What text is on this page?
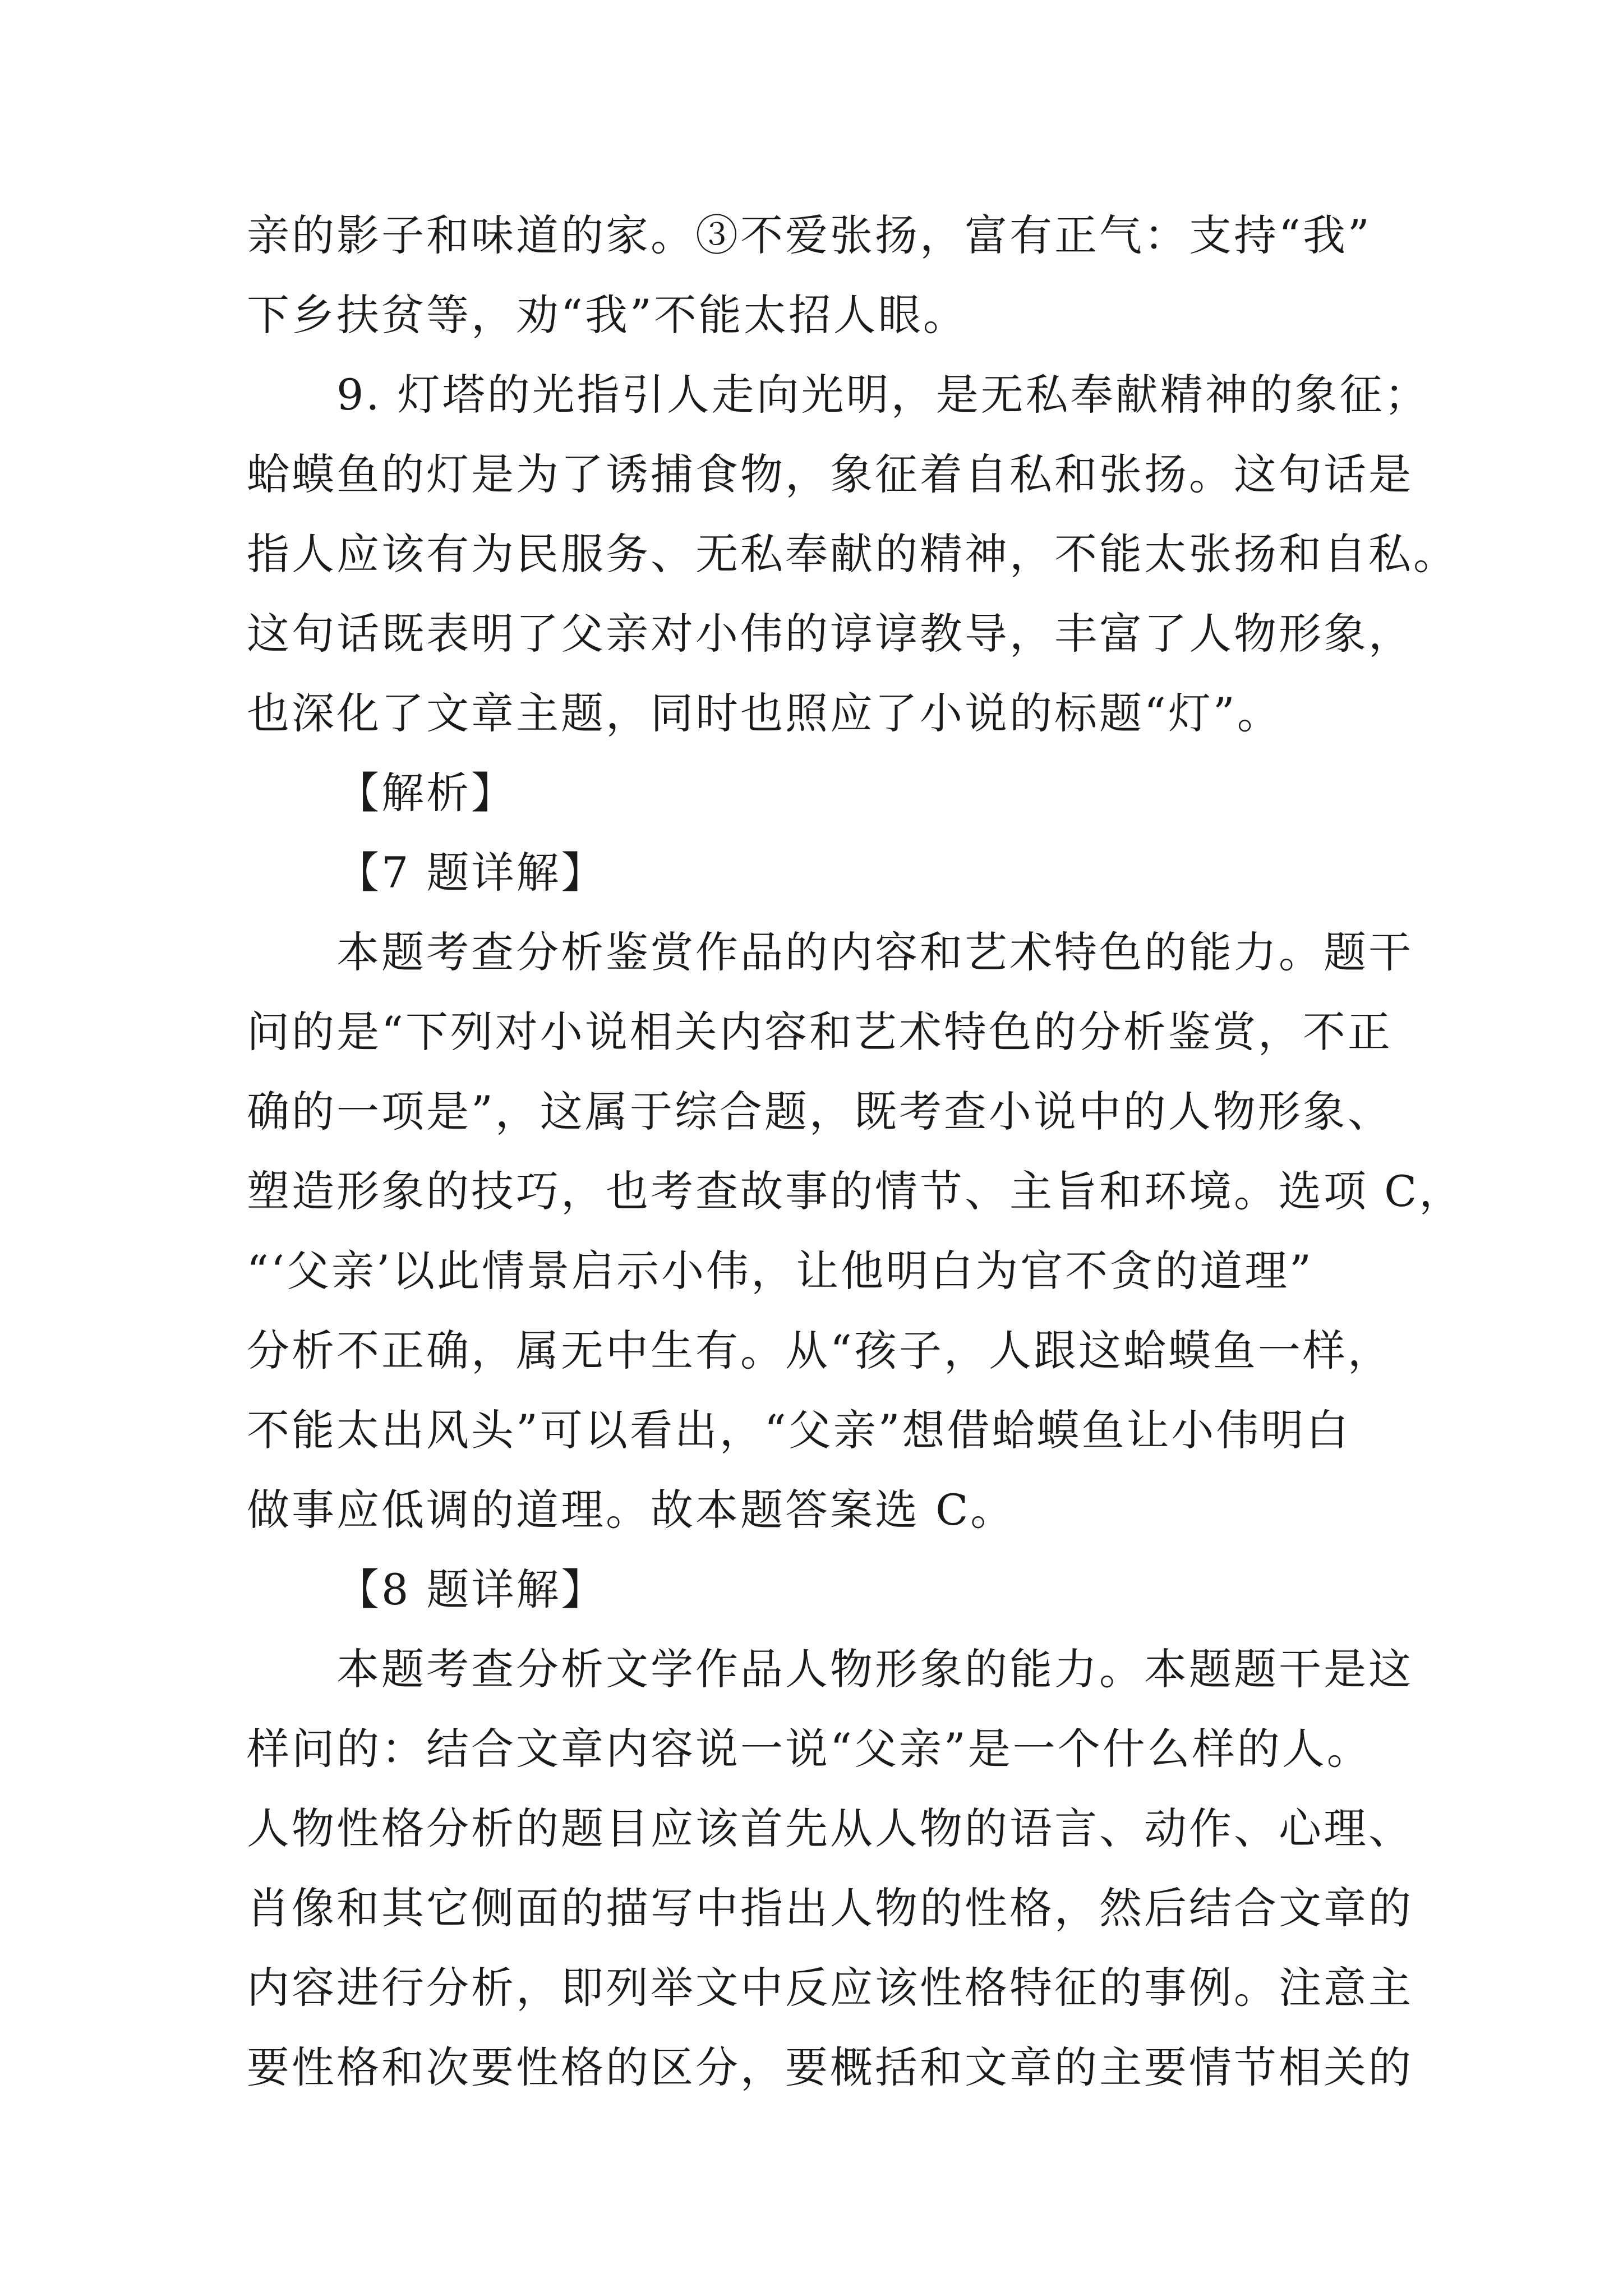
亲的影子和味道的家。③不爱张扬，富有正气：支持“我”
下乡扶贫等，劝“我”不能太招人眼。
9. 灯塔的光指引人走向光明，是无私奉献精神的象征；
蛤蟆鱼的灯是为了诱捕食物，象征着自私和张扬。这句话是
指人应该有为民服务、无私奉献的精神，不能太张扬和自私。
这句话既表明了父亲对小伟的谆谆教导，丰富了人物形象，
也深化了文章主题，同时也照应了小说的标题“灯”。
【解析】
【7 题详解】
本题考查分析鉴赏作品的内容和艺术特色的能力。题干
问的是“下列对小说相关内容和艺术特色的分析鉴赏，不正
确的一项是”，这属于综合题，既考查小说中的人物形象、
塑造形象的技巧，也考查故事的情节、主旨和环境。选项 C，
“‘父亲’以此情景启示小伟，让他明白为官不贪的道理”
分析不正确，属无中生有。从“孩子，人跟这蛤蟆鱼一样，
不能太出风头”可以看出，“父亲”想借蛤蟆鱼让小伟明白
做事应低调的道理。故本题答案选 C。
【8 题详解】
本题考查分析文学作品人物形象的能力。本题题干是这
样问的：结合文章内容说一说“父亲”是一个什么样的人。
人物性格分析的题目应该首先从人物的语言、动作、心理、
肖像和其它侧面的描写中指出人物的性格，然后结合文章的
内容进行分析，即列举文中反应该性格特征的事例。注意主
要性格和次要性格的区分，要概括和文章的主要情节相关的
